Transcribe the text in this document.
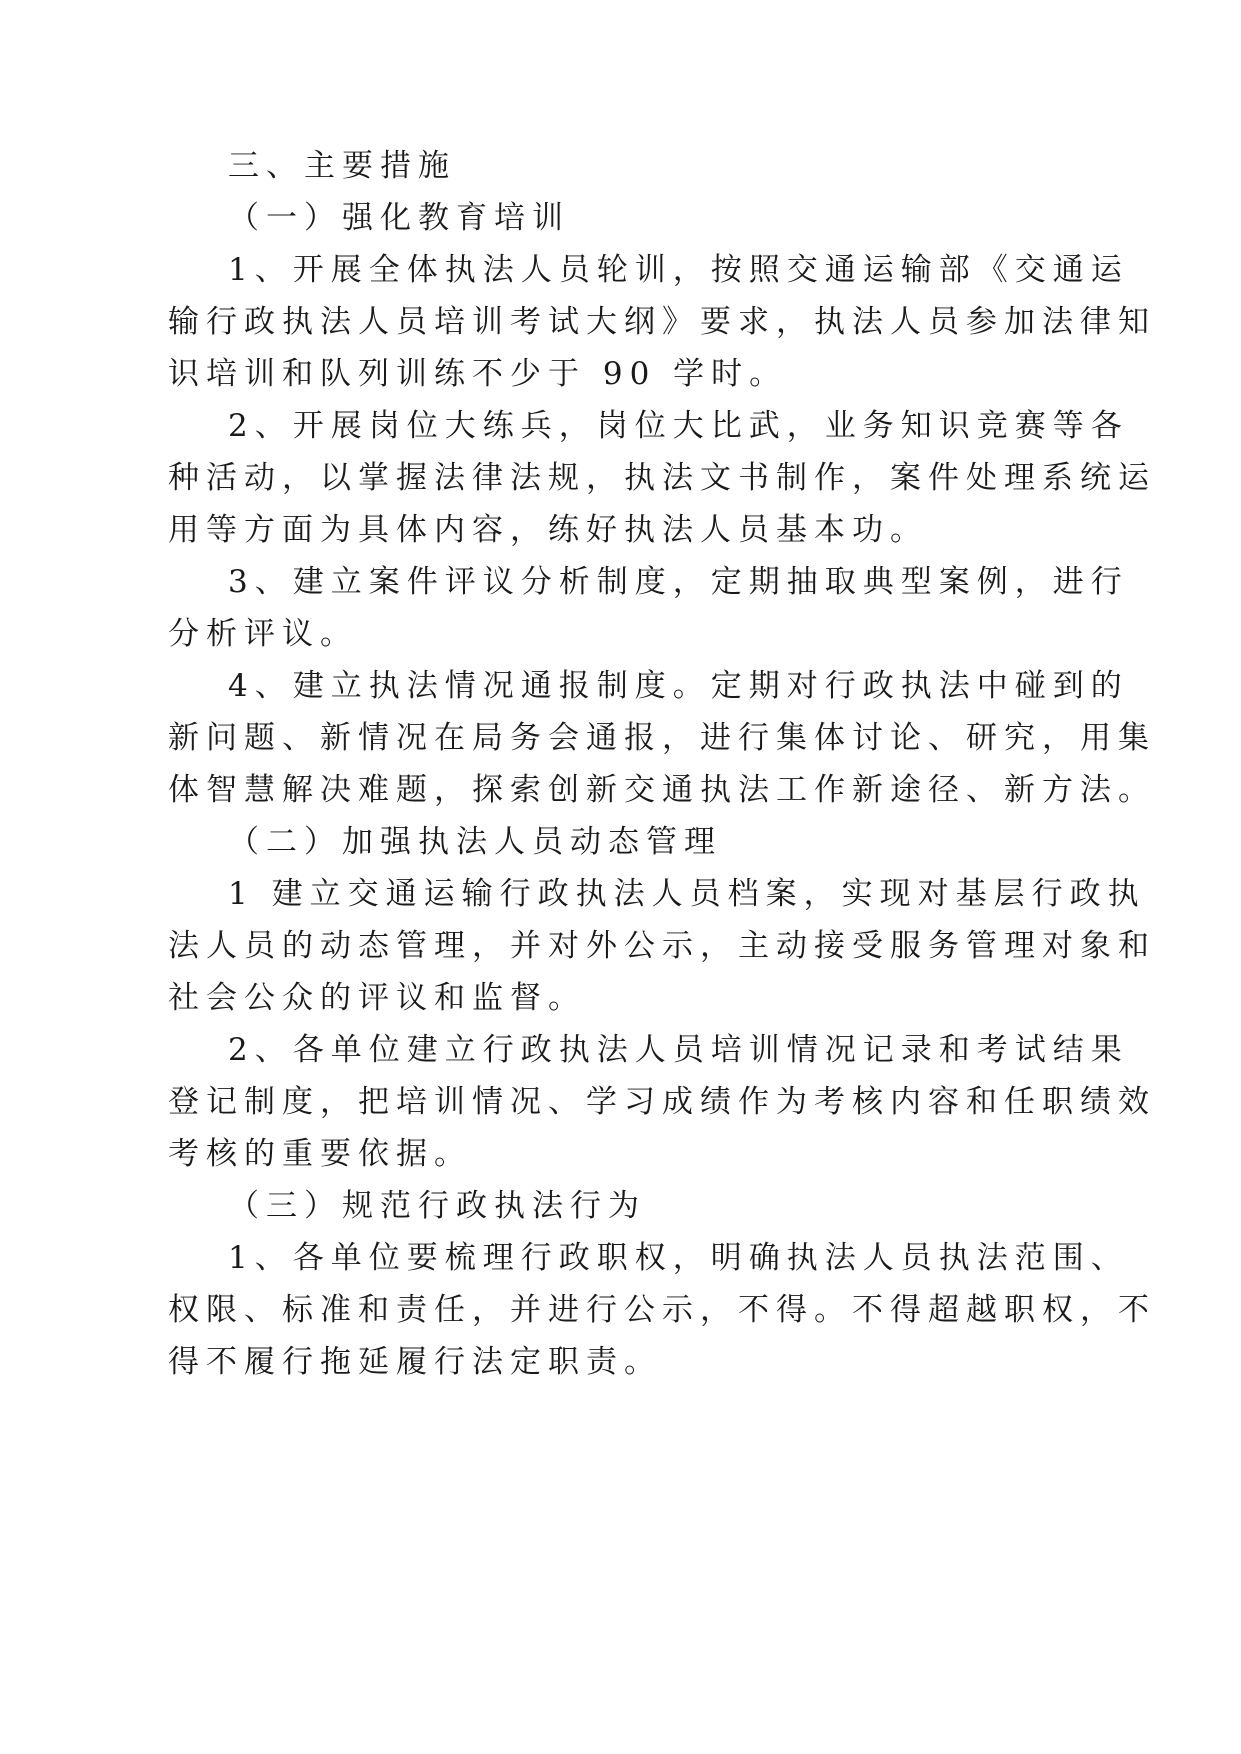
三、主要措施
（一）强化教育培训
1、开展全体执法人员轮训，按照交通运输部《交通运
输行政执法人员培训考试大纲》要求，执法人员参加法律知
识培训和队列训练不少于 90 学时。
2、开展岗位大练兵，岗位大比武，业务知识竞赛等各
种活动，以掌握法律法规，执法文书制作，案件处理系统运
用等方面为具体内容，练好执法人员基本功。
3、建立案件评议分析制度，定期抽取典型案例，进行
分析评议。
4、建立执法情况通报制度。定期对行政执法中碰到的
新问题、新情况在局务会通报，进行集体讨论、研究，用集
体智慧解决难题，探索创新交通执法工作新途径、新方法。
（二）加强执法人员动态管理
1 建立交通运输行政执法人员档案，实现对基层行政执
法人员的动态管理，并对外公示，主动接受服务管理对象和
社会公众的评议和监督。
2、各单位建立行政执法人员培训情况记录和考试结果
登记制度，把培训情况、学习成绩作为考核内容和任职绩效
考核的重要依据。
（三）规范行政执法行为
1、各单位要梳理行政职权，明确执法人员执法范围、
权限、标准和责任，并进行公示，不得。不得超越职权，不
得不履行拖延履行法定职责。
